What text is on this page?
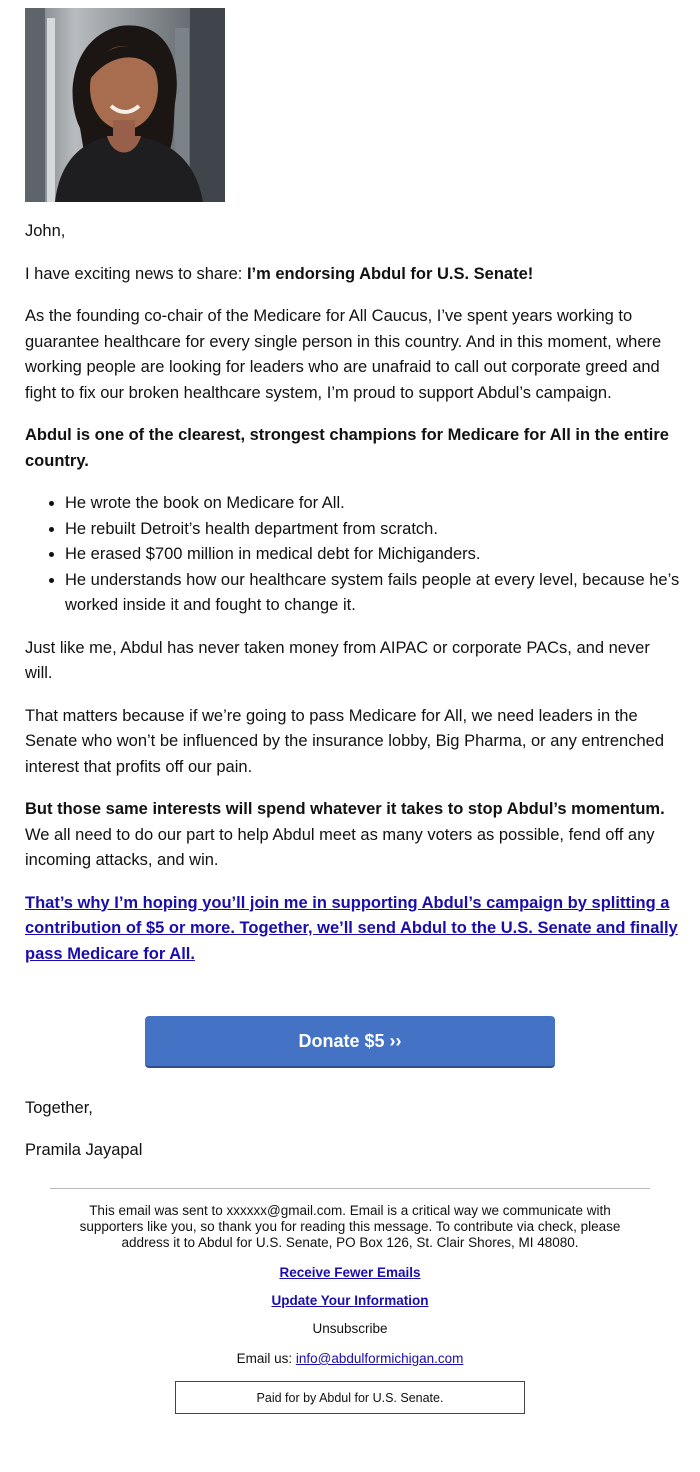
John,

I have exciting news to share: I’m endorsing Abdul for U.S. Senate!

As the founding co-chair of the Medicare for All Caucus, I’ve spent years working to guarantee healthcare for every single person in this country. And in this moment, where working people are looking for leaders who are unafraid to call out corporate greed and fight to fix our broken healthcare system, I’m proud to support Abdul’s campaign.

Abdul is one of the clearest, strongest champions for Medicare for All in the entire country.

• He wrote the book on Medicare for All.
• He rebuilt Detroit’s health department from scratch.
• He erased $700 million in medical debt for Michiganders.
• He understands how our healthcare system fails people at every level, because he’s worked inside it and fought to change it.

Just like me, Abdul has never taken money from AIPAC or corporate PACs, and never will.

That matters because if we’re going to pass Medicare for All, we need leaders in the Senate who won’t be influenced by the insurance lobby, Big Pharma, or any entrenched interest that profits off our pain.

But those same interests will spend whatever it takes to stop Abdul’s momentum. We all need to do our part to help Abdul meet as many voters as possible, fend off any incoming attacks, and win.

That’s why I’m hoping you’ll join me in supporting Abdul’s campaign by splitting a contribution of $5 or more. Together, we’ll send Abdul to the U.S. Senate and finally pass Medicare for All.

Donate $5 ››
Together,
Pramila Jayapal
This email was sent to xxxxxx@gmail.com. Email is a critical way we communicate with supporters like you, so thank you for reading this message. To contribute via check, please address it to Abdul for U.S. Senate, PO Box 126, St. Clair Shores, MI 48080.
Receive Fewer Emails
Update Your Information
Unsubscribe
Email us: info@abdulformichigan.com
Paid for by Abdul for U.S. Senate.
